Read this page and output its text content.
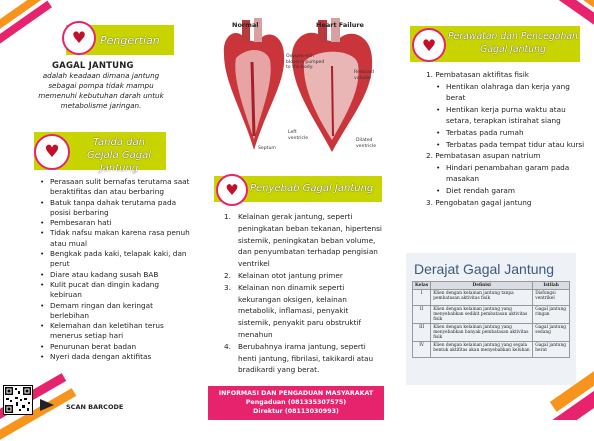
♥ Pengertian
GAGAL JANTUNG
adalah keadaan dimana jantung sebagai pompa tidak mampu memenuhi kebutuhan darah untuk metabolisme jaringan.
♥	Tanda dan Gejala Gagal Jantung
• Perasaan sulit bernafas terutama saat beraktifitas dan atau berbaring
• Batuk tanpa dahak terutama pada posisi berbaring
• Pembesaran hati
• Tidak nafsu makan karena rasa penuh atau mual
• Bengkak pada kaki, telapak kaki, dan perut
• Diare atau kadang susah BAB
• Kulit pucat dan dingin kadang kebiruan
• Demam ringan dan keringat berlebihan
• Kelemahan dan keletihan terus menerus setiap hari
• Penurunan berat badan
• Nyeri dada dengan aktifitas
SCAN BARCODE
Normal	Heart Failure
Oxygen-rich blood is pumped to the body.
Reduced volume
Left ventricle
Septum
Dilated ventricle
♥ Penyebab Gagal Jantung
1. Kelainan gerak jantung, seperti peningkatan beban tekanan, hipertensi sistemik, peningkatan beban volume, dan penyumbatan terhadap pengisian ventrikel
2. Kelainan otot jantung primer
3. Kelainan non dinamik seperti kekurangan oksigen, kelainan metabolik, inflamasi, penyakit sistemik, penyakit paru obstruktif menahun
4. Berubahnya irama jantung, seperti henti jantung, fibrilasi, takikardi atau bradikardi yang berat.
INFORMASI DAN PENGADUAN MASYARAKAT
Pengaduan (081335307575)
Direktur (08113030993)
♥ Perawatan dan Pencegahan Gagal Jantung
1. Pembatasan aktifitas fisik
• Hentikan olahraga dan kerja yang berat
• Hentikan kerja purna waktu atau setara, terapkan istirahat siang
• Terbatas pada rumah
• Terbatas pada tempat tidur atau kursi
2. Pembatasan asupan natrium
• Hindari penambahan garam pada masakan
• Diet rendah garam
3. Pengobatan gagal jantung
Derajat Gagal Jantung
Kelas	Definisi	Istilah
I	Klien dengan kelainan jantung tanpa pembatasan aktivitas fisik	Disfungsi ventrikel
II	Klien dengan kelainan jantung yang menyebabkan sedikit pembatasan aktivitas fisik	Gagal jantung ringan
III	Klien dengan kelainan jantung yang menyebabkan banyak pembatasan aktivitas fisik	Gagal jantung sedang
IV	Klien dengan kelainan jantung yang segala bentuk aktifitas akan menyebabkan keluhan	Gagal jantung berat
